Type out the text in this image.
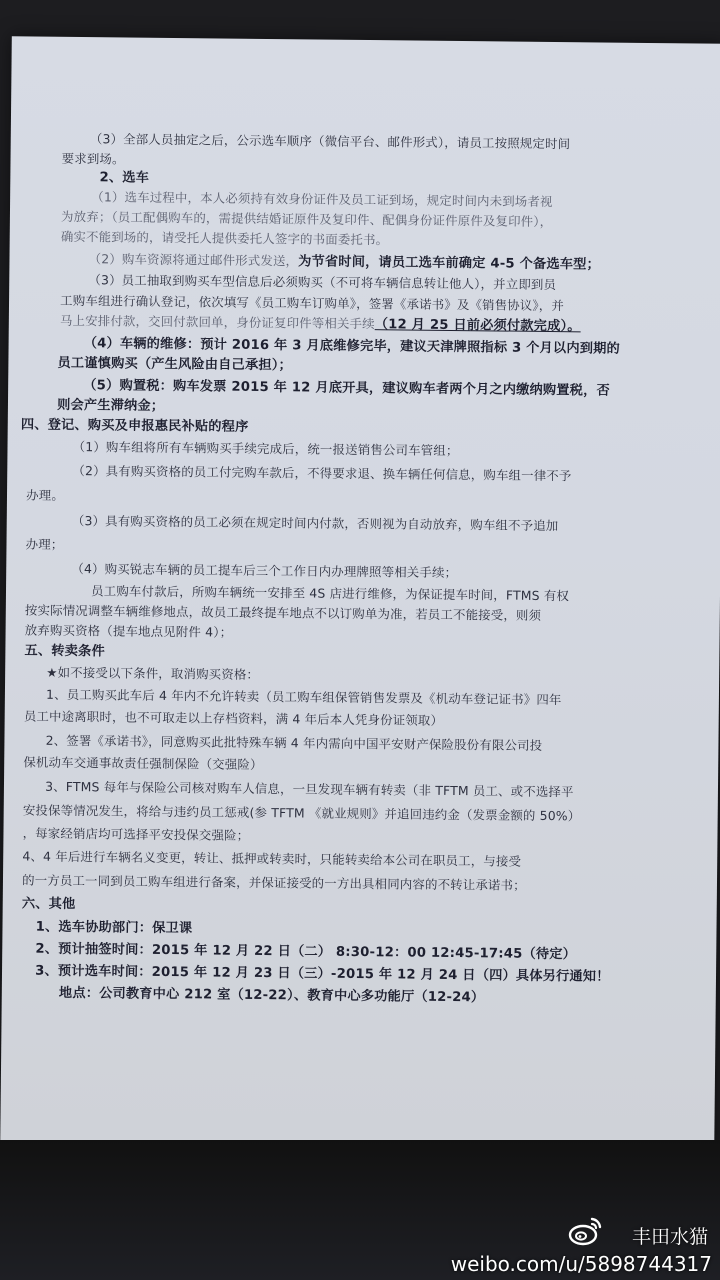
（3）全部人员抽定之后，公示选车顺序（微信平台、邮件形式），请员工按照规定时间
要求到场。
2、选车
（1）选车过程中，本人必须持有效身份证件及员工证到场，规定时间内未到场者视
为放弃；（员工配偶购车的，需提供结婚证原件及复印件、配偶身份证件原件及复印件），
确实不能到场的，请受托人提供委托人签字的书面委托书。
（2）购车资源将通过邮件形式发送，为节省时间，请员工选车前确定 4-5 个备选车型；
（3）员工抽取到购买车型信息后必须购买（不可将车辆信息转让他人），并立即到员
工购车组进行确认登记，依次填写《员工购车订购单》，签署《承诺书》及《销售协议》，并
马上安排付款，交回付款回单，身份证复印件等相关手续（12 月 25 日前必须付款完成）。
（4）车辆的维修：预计 2016 年 3 月底维修完毕，建议天津牌照指标 3 个月以内到期的
员工谨慎购买（产生风险由自己承担）；
（5）购置税：购车发票 2015 年 12 月底开具，建议购车者两个月之内缴纳购置税，否
则会产生滞纳金；
四、登记、购买及申报惠民补贴的程序
（1）购车组将所有车辆购买手续完成后，统一报送销售公司车管组；
（2）具有购买资格的员工付完购车款后，不得要求退、换车辆任何信息，购车组一律不予
办理。
（3）具有购买资格的员工必须在规定时间内付款，否则视为自动放弃，购车组不予追加
办理；
（4）购买锐志车辆的员工提车后三个工作日内办理牌照等相关手续；
员工购车付款后，所购车辆统一安排至 4S 店进行维修，为保证提车时间，FTMS 有权
按实际情况调整车辆维修地点，故员工最终提车地点不以订购单为准，若员工不能接受，则须
放弃购买资格（提车地点见附件 4）；
五、转卖条件
★如不接受以下条件，取消购买资格：
1、员工购买此车后 4 年内不允许转卖（员工购车组保管销售发票及《机动车登记证书》四年
员工中途离职时，也不可取走以上存档资料，满 4 年后本人凭身份证领取）
2、签署《承诺书》，同意购买此批特殊车辆 4 年内需向中国平安财产保险股份有限公司投
保机动车交通事故责任强制保险（交强险）
3、FTMS 每年与保险公司核对购车人信息，一旦发现车辆有转卖（非 TFTM 员工、或不选择平
安投保等情况发生，将给与违约员工惩戒(参 TFTM 《就业规则》并追回违约金（发票金额的 50%）
，每家经销店均可选择平安投保交强险；
4、4 年后进行车辆名义变更，转让、抵押或转卖时，只能转卖给本公司在职员工，与接受
的一方员工一同到员工购车组进行备案，并保证接受的一方出具相同内容的不转让承诺书；
六、其他
1、选车协助部门：保卫课
2、预计抽签时间：2015 年 12 月 22 日（二） 8:30-12：00 12:45-17:45（待定）
3、预计选车时间：2015 年 12 月 23 日（三）-2015 年 12 月 24 日（四）具体另行通知！
地点：公司教育中心 212 室（12-22）、教育中心多功能厅（12-24）
丰田水猫
weibo.com/u/5898744317
